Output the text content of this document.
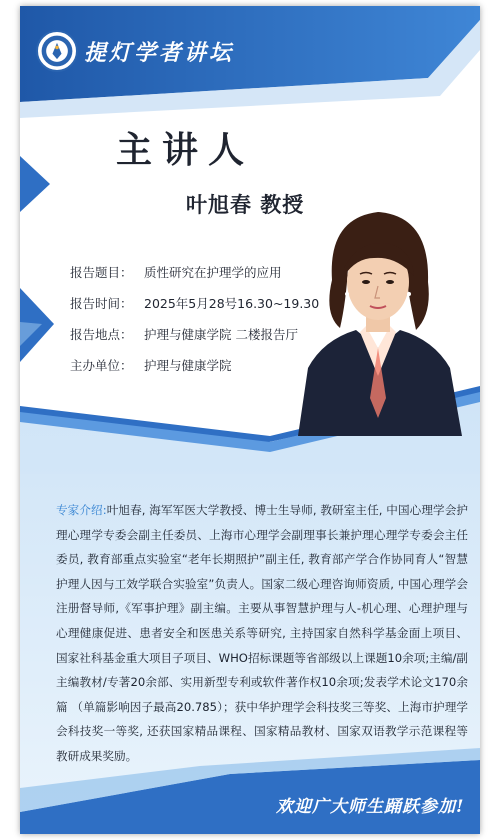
提灯学者讲坛
主讲人
叶旭春 教授
报告题目： 质性研究在护理学的应用
报告时间： 2025年5月28号16.30~19.30
报告地点： 护理与健康学院 二楼报告厅
主办单位： 护理与健康学院
专家介绍:叶旭春, 海军军医大学教授、博士生导师, 教研室主任, 中国心理学会护理心理学专委会副主任委员、上海市心理学会副理事长兼护理心理学专委会主任委员, 教育部重点实验室“老年长期照护”副主任, 教育部产学合作协同育人“智慧护理人因与工效学联合实验室”负责人。国家二级心理咨询师资质, 中国心理学会注册督导师,《军事护理》副主编。主要从事智慧护理与人-机心理、心理护理与心理健康促进、患者安全和医患关系等研究, 主持国家自然科学基金面上项目、国家社科基金重大项目子项目、WHO招标课题等省部级以上课题10余项;主编/副主编教材/专著20余部、实用新型专利或软件著作权10余项;发表学术论文170余篇 （单篇影响因子最高20.785）；获中华护理学会科技奖三等奖、上海市护理学会科技奖一等奖, 还获国家精品课程、国家精品教材、国家双语教学示范课程等教研成果奖励。
欢迎广大师生踊跃参加!
